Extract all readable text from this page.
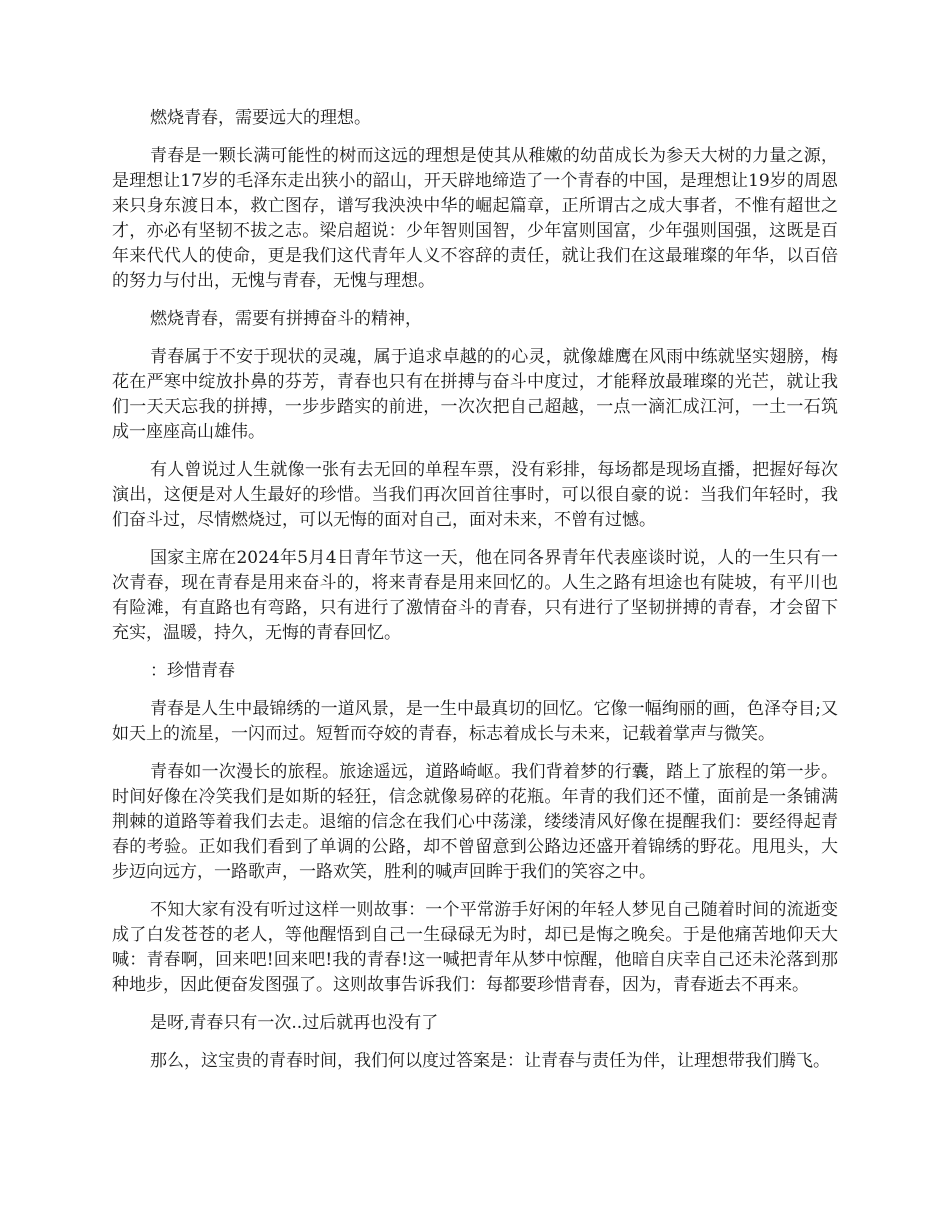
燃烧青春，需要远大的理想。

青春是一颗长满可能性的树而这远的理想是使其从稚嫩的幼苗成长为参天大树的力量之源，是理想让17岁的毛泽东走出狭小的韶山，开天辟地缔造了一个青春的中国，是理想让19岁的周恩来只身东渡日本，救亡图存，谱写我泱泱中华的崛起篇章，正所谓古之成大事者，不惟有超世之才，亦必有坚韧不拔之志。梁启超说：少年智则国智，少年富则国富，少年强则国强，这既是百年来代代人的使命，更是我们这代青年人义不容辞的责任，就让我们在这最璀璨的年华，以百倍的努力与付出，无愧与青春，无愧与理想。

燃烧青春，需要有拼搏奋斗的精神，

青春属于不安于现状的灵魂，属于追求卓越的的心灵，就像雄鹰在风雨中练就坚实翅膀，梅花在严寒中绽放扑鼻的芬芳，青春也只有在拼搏与奋斗中度过，才能释放最璀璨的光芒，就让我们一天天忘我的拼搏，一步步踏实的前进，一次次把自己超越，一点一滴汇成江河，一土一石筑成一座座高山雄伟。

有人曾说过人生就像一张有去无回的单程车票，没有彩排，每场都是现场直播，把握好每次演出，这便是对人生最好的珍惜。当我们再次回首往事时，可以很自豪的说：当我们年轻时，我们奋斗过，尽情燃烧过，可以无悔的面对自己，面对未来，不曾有过憾。

国家主席在2024年5月4日青年节这一天，他在同各界青年代表座谈时说，人的一生只有一次青春，现在青春是用来奋斗的，将来青春是用来回忆的。人生之路有坦途也有陡坡，有平川也有险滩，有直路也有弯路，只有进行了激情奋斗的青春，只有进行了坚韧拼搏的青春，才会留下充实，温暖，持久，无悔的青春回忆。

：珍惜青春

青春是人生中最锦绣的一道风景，是一生中最真切的回忆。它像一幅绚丽的画，色泽夺目;又如天上的流星，一闪而过。短暂而夺姣的青春，标志着成长与未来，记载着掌声与微笑。

青春如一次漫长的旅程。旅途遥远，道路崎岖。我们背着梦的行囊，踏上了旅程的第一步。时间好像在冷笑我们是如斯的轻狂，信念就像易碎的花瓶。年青的我们还不懂，面前是一条铺满荆棘的道路等着我们去走。退缩的信念在我们心中荡漾，缕缕清风好像在提醒我们：要经得起青春的考验。正如我们看到了单调的公路，却不曾留意到公路边还盛开着锦绣的野花。甩甩头，大步迈向远方，一路歌声，一路欢笑，胜利的喊声回眸于我们的笑容之中。

不知大家有没有听过这样一则故事：一个平常游手好闲的年轻人梦见自己随着时间的流逝变成了白发苍苍的老人，等他醒悟到自己一生碌碌无为时，却已是悔之晚矣。于是他痛苦地仰天大喊：青春啊，回来吧!回来吧!我的青春!这一喊把青年从梦中惊醒，他暗自庆幸自己还未沦落到那种地步，因此便奋发图强了。这则故事告诉我们：每都要珍惜青春，因为，青春逝去不再来。

是呀,青春只有一次..过后就再也没有了

那么，这宝贵的青春时间，我们何以度过答案是：让青春与责任为伴，让理想带我们腾飞。
